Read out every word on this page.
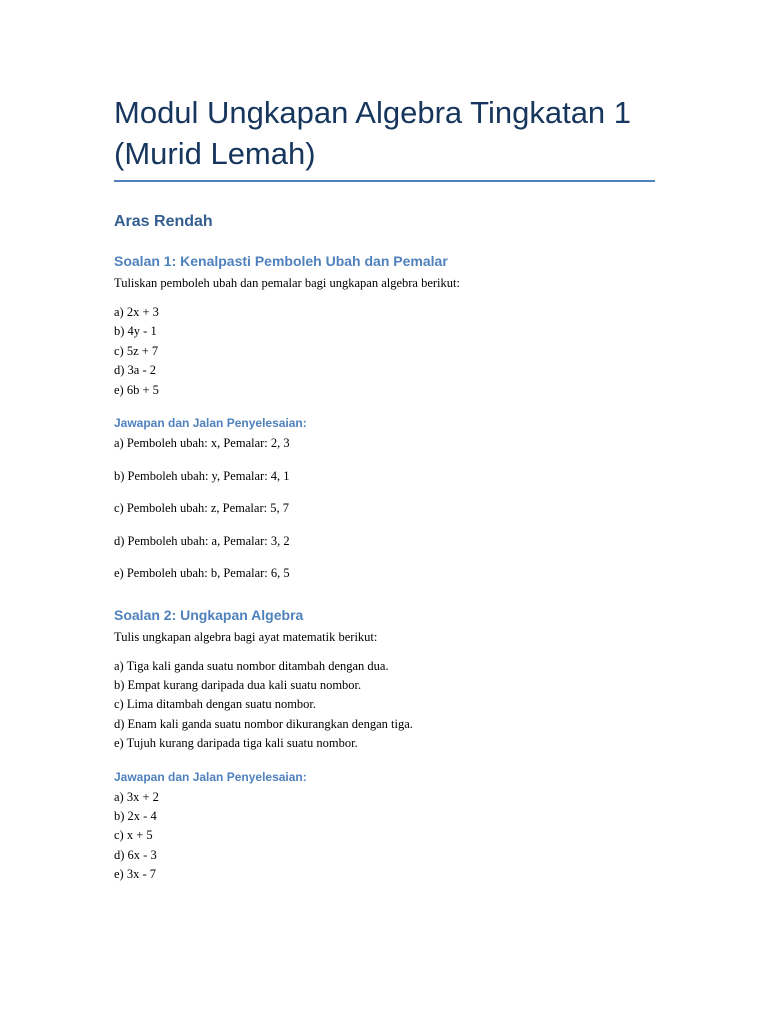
Modul Ungkapan Algebra Tingkatan 1 (Murid Lemah)
Aras Rendah
Soalan 1: Kenalpasti Pemboleh Ubah dan Pemalar

Tuliskan pemboleh ubah dan pemalar bagi ungkapan algebra berikut:

a) 2x + 3
b) 4y - 1
c) 5z + 7
d) 3a - 2
e) 6b + 5
Jawapan dan Jalan Penyelesaian:
a) Pemboleh ubah: x, Pemalar: 2, 3
b) Pemboleh ubah: y, Pemalar: 4, 1
c) Pemboleh ubah: z, Pemalar: 5, 7
d) Pemboleh ubah: a, Pemalar: 3, 2
e) Pemboleh ubah: b, Pemalar: 6, 5
Soalan 2: Ungkapan Algebra

Tulis ungkapan algebra bagi ayat matematik berikut:

a) Tiga kali ganda suatu nombor ditambah dengan dua.
b) Empat kurang daripada dua kali suatu nombor.
c) Lima ditambah dengan suatu nombor.
d) Enam kali ganda suatu nombor dikurangkan dengan tiga.
e) Tujuh kurang daripada tiga kali suatu nombor.
Jawapan dan Jalan Penyelesaian:
a) 3x + 2
b) 2x - 4
c) x + 5
d) 6x - 3
e) 3x - 7
